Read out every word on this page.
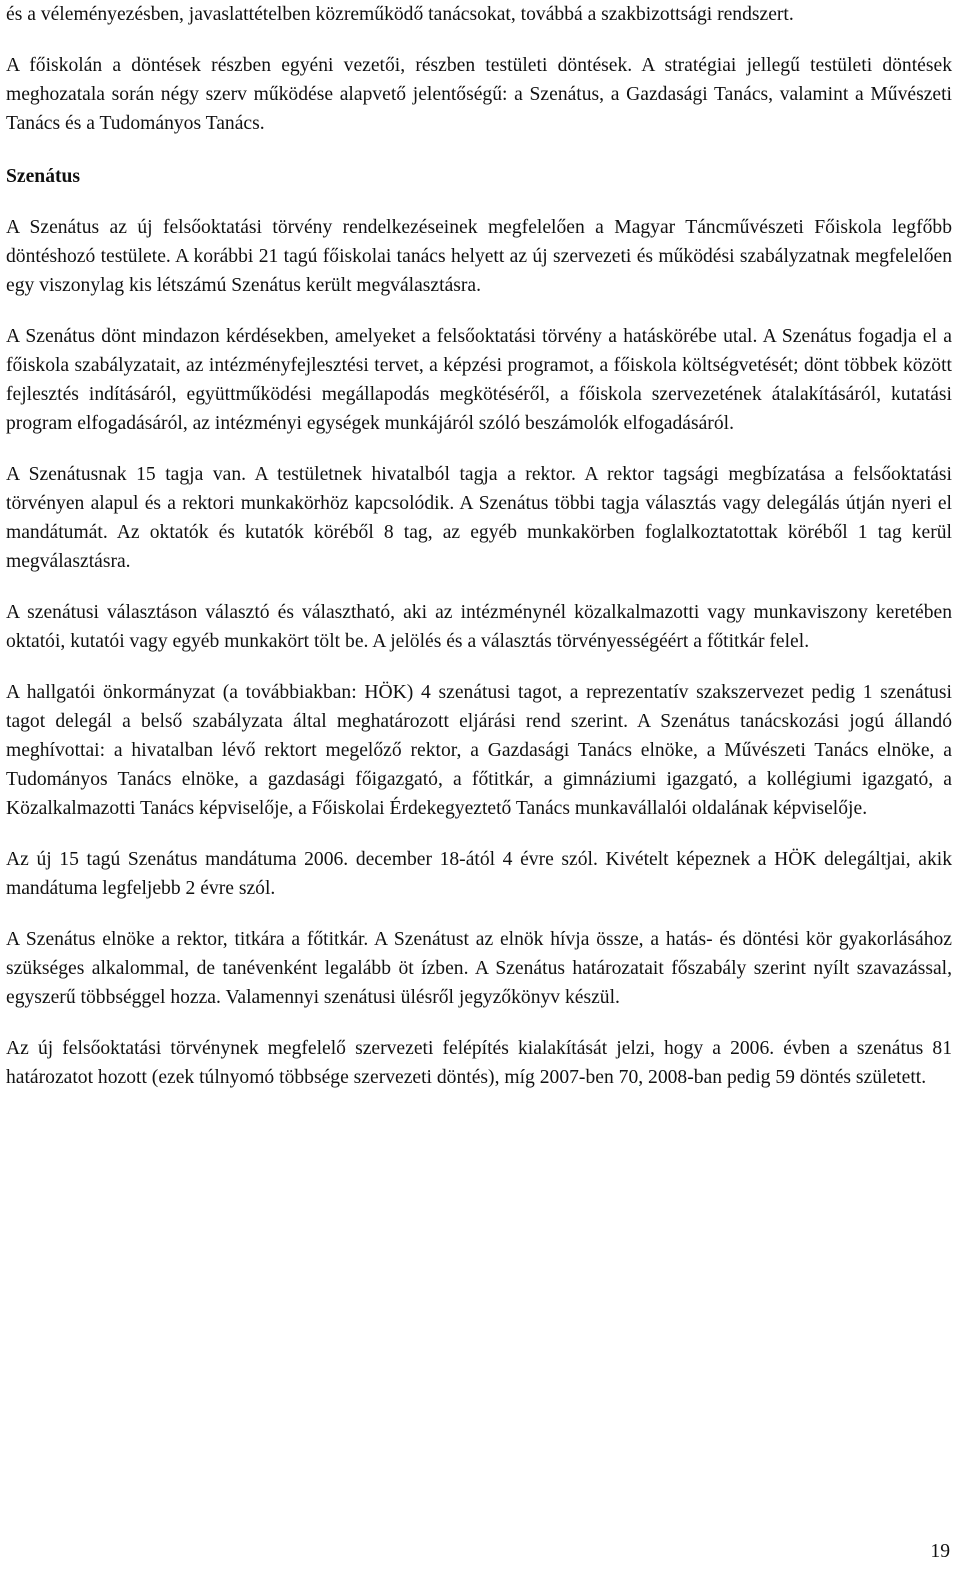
és a véleményezésben, javaslattételben közreműködő tanácsokat, továbbá a szakbizottsági rendszert.

A főiskolán a döntések részben egyéni vezetői, részben testületi döntések. A stratégiai jellegű testületi döntések meghozatala során négy szerv működése alapvető jelentőségű: a Szenátus, a Gazdasági Tanács, valamint a Művészeti Tanács és a Tudományos Tanács.

Szenátus

A Szenátus az új felsőoktatási törvény rendelkezéseinek megfelelően a Magyar Táncművészeti Főiskola legfőbb döntéshozó testülete. A korábbi 21 tagú főiskolai tanács helyett az új szervezeti és működési szabályzatnak megfelelően egy viszonylag kis létszámú Szenátus került megválasztásra.

A Szenátus dönt mindazon kérdésekben, amelyeket a felsőoktatási törvény a hatáskörébe utal. A Szenátus fogadja el a főiskola szabályzatait, az intézményfejlesztési tervet, a képzési programot, a főiskola költségvetését; dönt többek között fejlesztés indításáról, együttműködési megállapodás megkötéséről, a főiskola szervezetének átalakításáról, kutatási program elfogadásáról, az intézményi egységek munkájáról szóló beszámolók elfogadásáról.

A Szenátusnak 15 tagja van. A testületnek hivatalból tagja a rektor. A rektor tagsági megbízatása a felsőoktatási törvényen alapul és a rektori munkakörhöz kapcsolódik. A Szenátus többi tagja választás vagy delegálás útján nyeri el mandátumát. Az oktatók és kutatók köréből 8 tag, az egyéb munkakörben foglalkoztatottak köréből 1 tag kerül megválasztásra.

A szenátusi választáson választó és választható, aki az intézménynél közalkalmazotti vagy munkaviszony keretében oktatói, kutatói vagy egyéb munkakört tölt be. A jelölés és a választás törvényességéért a főtitkár felel.

A hallgatói önkormányzat (a továbbiakban: HÖK) 4 szenátusi tagot, a reprezentatív szakszervezet pedig 1 szenátusi tagot delegál a belső szabályzata által meghatározott eljárási rend szerint. A Szenátus tanácskozási jogú állandó meghívottai: a hivatalban lévő rektort megelőző rektor, a Gazdasági Tanács elnöke, a Művészeti Tanács elnöke, a Tudományos Tanács elnöke, a gazdasági főigazgató, a főtitkár, a gimnáziumi igazgató, a kollégiumi igazgató, a Közalkalmazotti Tanács képviselője, a Főiskolai Érdekegyeztető Tanács munkavállalói oldalának képviselője.

Az új 15 tagú Szenátus mandátuma 2006. december 18-ától 4 évre szól. Kivételt képeznek a HÖK delegáltjai, akik mandátuma legfeljebb 2 évre szól.

A Szenátus elnöke a rektor, titkára a főtitkár. A Szenátust az elnök hívja össze, a hatás- és döntési kör gyakorlásához szükséges alkalommal, de tanévenként legalább öt ízben. A Szenátus határozatait főszabály szerint nyílt szavazással, egyszerű többséggel hozza. Valamennyi szenátusi ülésről jegyzőkönyv készül.

Az új felsőoktatási törvénynek megfelelő szervezeti felépítés kialakítását jelzi, hogy a 2006. évben a szenátus 81 határozatot hozott (ezek túlnyomó többsége szervezeti döntés), míg 2007-ben 70, 2008-ban pedig 59 döntés született.

19
